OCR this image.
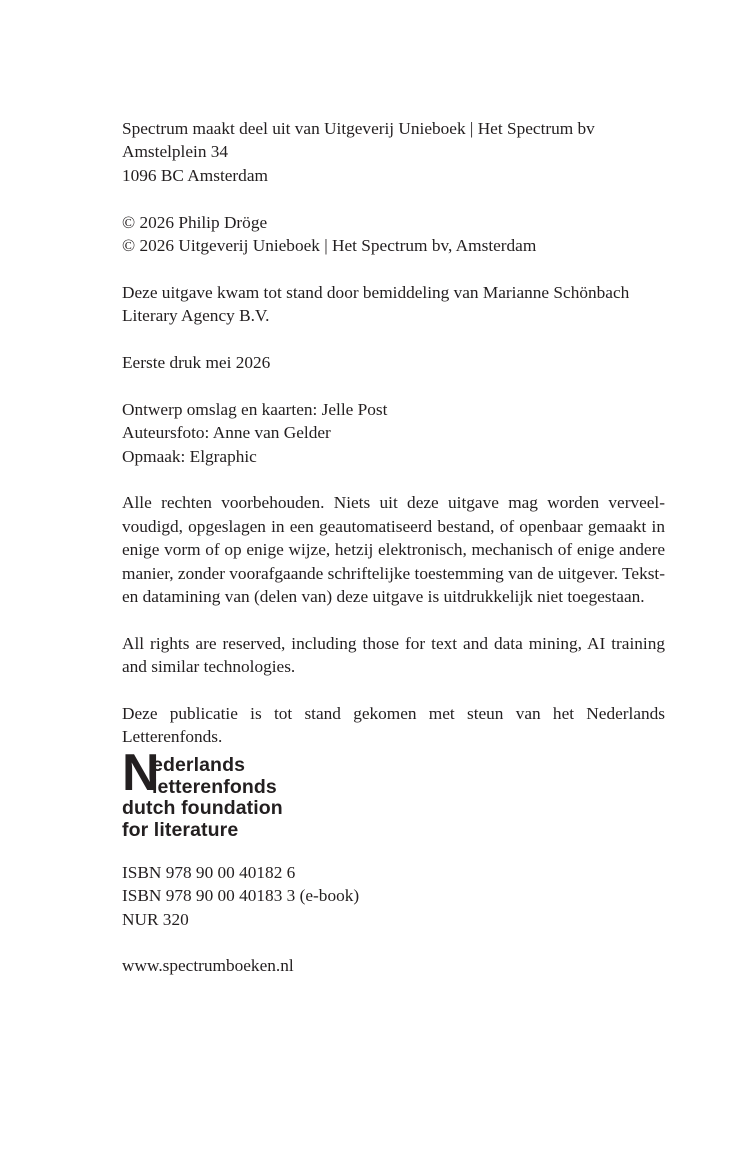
Spectrum maakt deel uit van Uitgeverij Unieboek | Het Spectrum bv

Amstelplein 34

1096 BC Amsterdam

© 2026 Philip Dröge

© 2026 Uitgeverij Unieboek | Het Spectrum bv, Amsterdam

Deze uitgave kwam tot stand door bemiddeling van Marianne Schönbach

Literary Agency B.V.

Eerste druk mei 2026

Ontwerp omslag en kaarten: Jelle Post

Auteursfoto: Anne van Gelder

Opmaak: Elgraphic

Alle rechten voorbehouden. Niets uit deze uitgave mag worden verveel-voudigd, opgeslagen in een geautomatiseerd bestand, of openbaar gemaakt in enige vorm of op enige wijze, hetzij elektronisch, mechanisch of enige andere manier, zonder voorafgaande schriftelijke toestemming van de uitgever. Tekst- en datamining van (delen van) deze uitgave is uitdrukkelijk niet toegestaan.

All rights are reserved, including those for text and data mining, AI training and similar technologies.

Deze publicatie is tot stand gekomen met steun van het Nederlands Letterenfonds.

N
ederlands
letterenfonds
dutch foundation
for literature

ISBN 978 90 00 40182 6

ISBN 978 90 00 40183 3 (e-book)

NUR 320

www.spectrumboeken.nl
